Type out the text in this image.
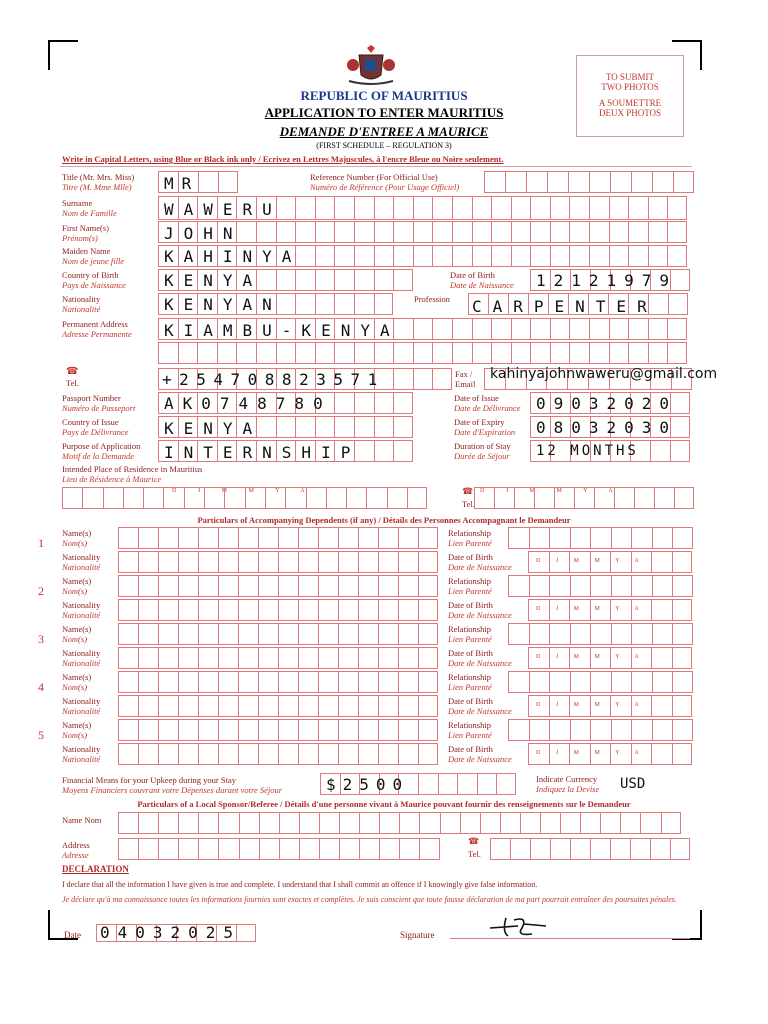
REPUBLIC OF MAURITIUS
APPLICATION TO ENTER MAURITIUS
DEMANDE D'ENTREE A MAURICE
(FIRST SCHEDULE – REGULATION 3)
TO SUBMIT
TWO PHOTOS
A SOUMETTRE
DEUX PHOTOS
Write in Capital Letters, using Blue or Black ink only / Ecrivez en Lettres Majuscules, à l'encre Bleue ou Noire seulement.
Title (Mr. Mrs. Miss)
Titre (M. Mme Mlle) MR	Reference Number (For Official Use)
Numéro de Référence (Pour Usage Officiel)
Surname
Nom de Famille	WAWERU
First Name(s)
Prénom(s)	JOHN
Maiden Name
Nom de jeune fille KAHINYA
Country of Birth
Pays de Naissance KENYA	Date of Birth
Date de Naissance 12121979
Nationality
Nationalité	KENYAN	Profession CARPENTER
Permanent Address
Adresse Permanente KIAMBU-KENYA
☎
Tel.	+254708823571	Fax /
Email
kahinyajohnwaweru@gmail.com
Passport Number
Numéro de Passeport AK0748780	Date of Issue
Date de Délivrance 09032020
Country of Issue
Pays de Délivrance KENYA	Date of Expiry
Date d'Expiration 08032030
Purpose of Application
Motif de la Demande	INTERNSHIP	Duration of Stay
Durée de Séjour 12 MONTHS
Intended Place of Residence in Mauritius
Lieu de Résidence à Maurice
D J M M Y A	☎
Tel.
D J M M Y A
Particulars of Accompanying Dependents (if any) / Détails des Personnes Accompagnant le Demandeur
1
Name(s)
Nom(s)
Relationship
Lien Parenté
Nationality
Nationalité
Date of Birth
Date de Naissance
D J M M Y A
2
Name(s)
Nom(s)
Relationship
Lien Parenté
Nationality
Nationalité
Date of Birth
Date de Naissance
D J M M Y A
3
Name(s)
Nom(s)
Relationship
Lien Parenté
Nationality
Nationalité
Date of Birth
Date de Naissance
D J M M Y A
4
Name(s)
Nom(s)
Relationship
Lien Parenté
Nationality
Nationalité
Date of Birth
Date de Naissance
D J M M Y A
5
Name(s)
Nom(s)
Relationship
Lien Parenté
Nationality
Nationalité
Date of Birth
Date de Naissance
D J M M Y A
Financial Means for your Upkeep during your Stay
Moyens Financiers couvrant votre Dépenses durant votre Séjour	$2500	Indicate Currency
Indiquez la Devise USD
Particulars of a Local Sponsor/Referee / Détails d'une personne vivant à Maurice pouvant fournir des renseignements sur le Demandeur
Name Nom
Address
Adresse
☎
Tel.
DECLARATION
I declare that all the information I have given is true and complete. I understand that I shall commit an offence if I knowingly give false information.
Je déclare qu'à ma connaissance toutes les informations fournies sont exactes et complètes. Je suis conscient que toute fausse déclaration de ma part pourrait entraîner des poursuites pénales.
Date 04032025	Signature
